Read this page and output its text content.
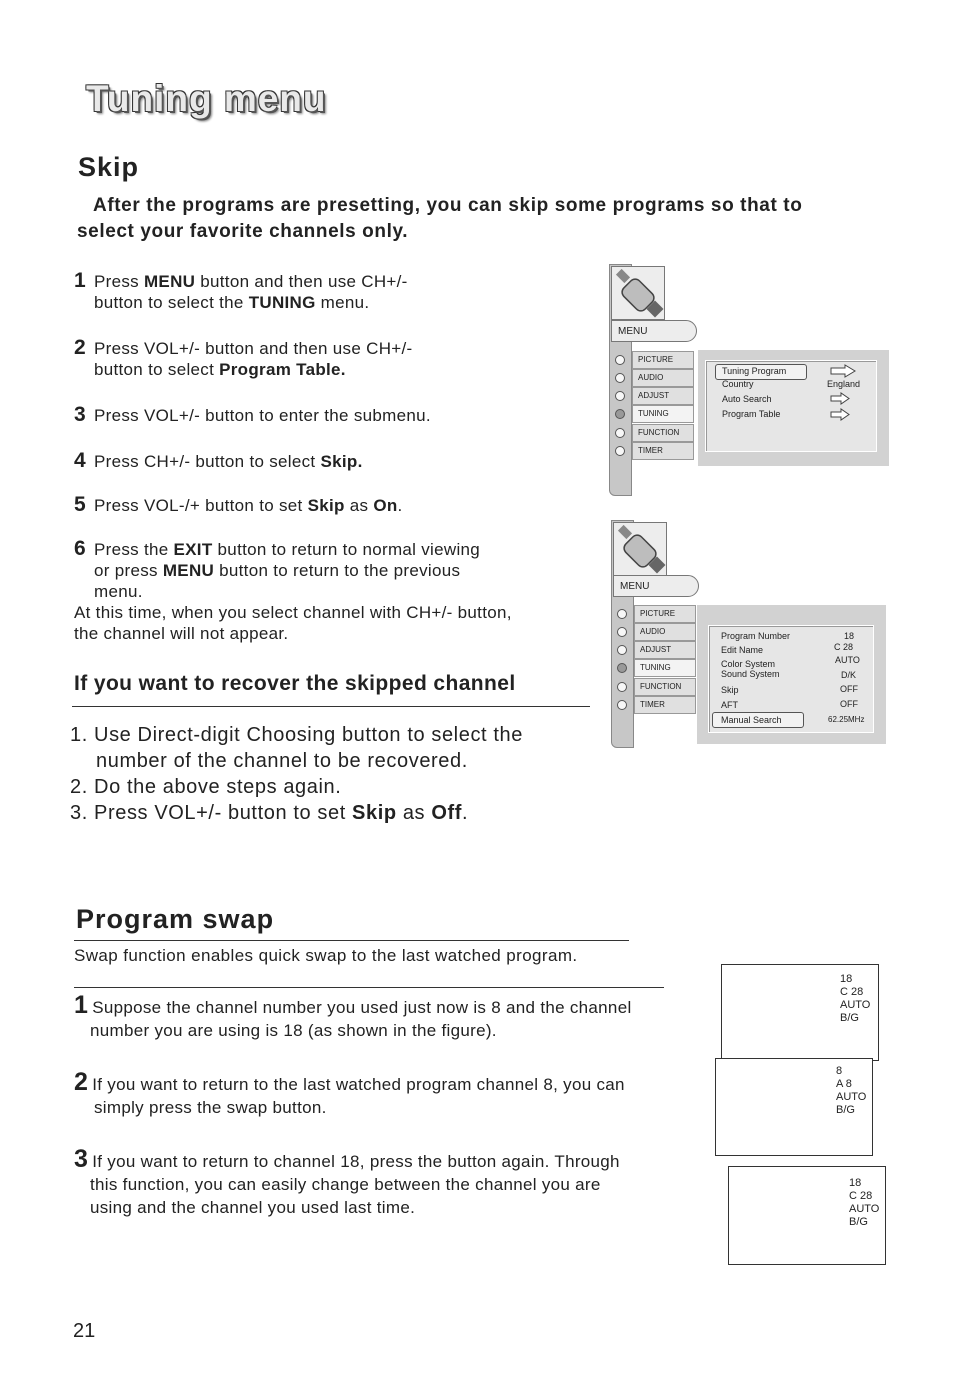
Tuning menu
Skip
After the programs are presetting, you can skip some programs so that to
select your favorite channels only.
1 Press MENU button and then use CH+/-
button to select the TUNING menu.
2 Press VOL+/- button and then use CH+/-
button to select Program Table.
3 Press VOL+/- button to enter the submenu.
4 Press CH+/- button to select Skip.
5 Press VOL-/+ button to set Skip as On.
6 Press the EXIT button to return to normal viewing
or press MENU button to return to the previous
menu.
At this time, when you select channel with CH+/- button,
the channel will not appear.
If you want to recover the skipped channel
1. Use Direct-digit Choosing button to select the
number of the channel to be recovered.
2. Do the above steps again.
3. Press VOL+/- button to set Skip as Off.
MENU
PICTURE
AUDIO
ADJUST
TUNING
FUNCTION
TIMER
Tuning Program
Country	England
Auto Search
Program Table
MENU
PICTURE
AUDIO
ADJUST
TUNING
FUNCTION
TIMER
Program Number
Edit Name
Color System
Sound System
Skip
AFT
Manual Search
18
C 28
AUTO
D/K
OFF
OFF
62.25MHz
Program swap
Swap function enables quick swap to the last watched program.
1 Suppose the channel number you used just now is 8 and the channel
number you are using is 18 (as shown in the figure).
2 If you want to return to the last watched program channel 8, you can
simply press the swap button.
3 If you want to return to channel 18, press the button again. Through
this function, you can easily change between the channel you are
using and the channel you used last time.
18
C 28
AUTO
B/G
8
A 8
AUTO
B/G
18
C 28
AUTO
B/G
21
